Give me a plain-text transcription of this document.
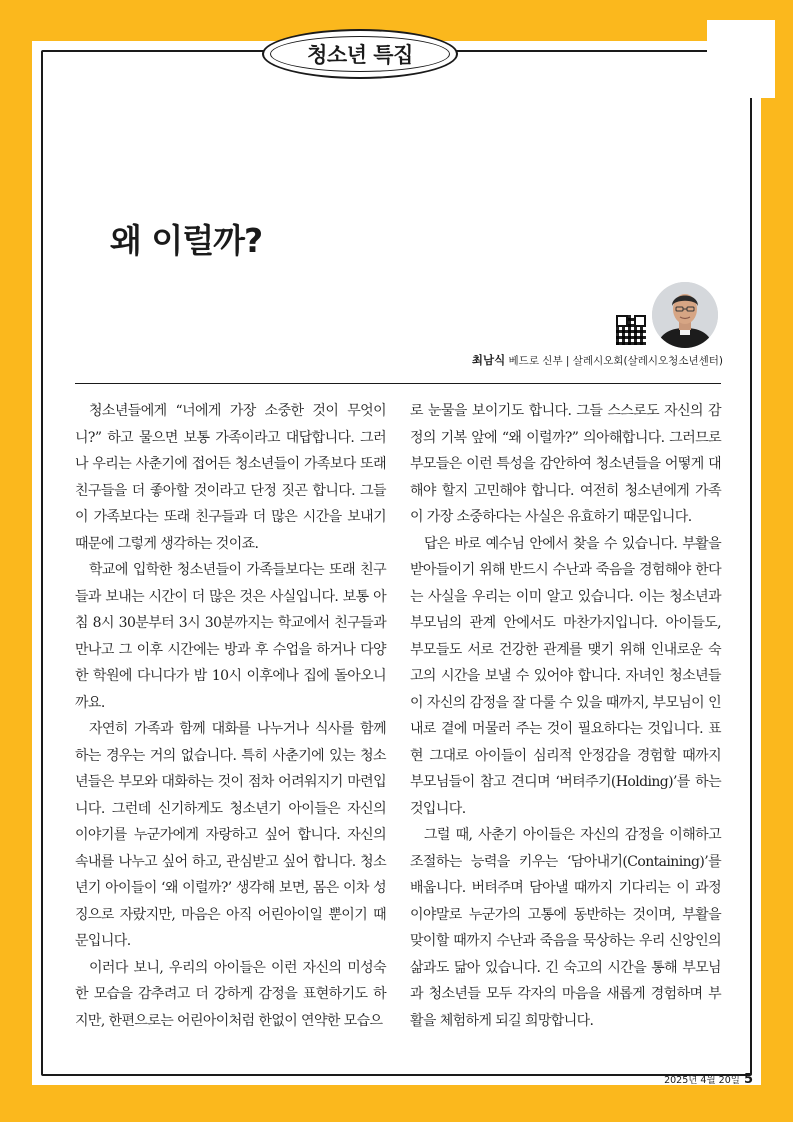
청소년 특집
왜 이럴까?
최남식 베드로 신부 | 살레시오회(살레시오청소년센터)

청소년들에게 “너에게 가장 소중한 것이 무엇이니?” 하고 물으면 보통 가족이라고 대답합니다. 그러나 우리는 사춘기에 접어든 청소년들이 가족보다 또래 친구들을 더 좋아할 것이라고 단정 짓곤 합니다. 그들이 가족보다는 또래 친구들과 더 많은 시간을 보내기 때문에 그렇게 생각하는 것이죠.

학교에 입학한 청소년들이 가족들보다는 또래 친구들과 보내는 시간이 더 많은 것은 사실입니다. 보통 아침 8시 30분부터 3시 30분까지는 학교에서 친구들과 만나고 그 이후 시간에는 방과 후 수업을 하거나 다양한 학원에 다니다가 밤 10시 이후에나 집에 돌아오니까요.

자연히 가족과 함께 대화를 나누거나 식사를 함께 하는 경우는 거의 없습니다. 특히 사춘기에 있는 청소년들은 부모와 대화하는 것이 점차 어려워지기 마련입니다. 그런데 신기하게도 청소년기 아이들은 자신의 이야기를 누군가에게 자랑하고 싶어 합니다. 자신의 속내를 나누고 싶어 하고, 관심받고 싶어 합니다. 청소년기 아이들이 ‘왜 이럴까?’ 생각해 보면, 몸은 이차 성징으로 자랐지만, 마음은 아직 어린아이일 뿐이기 때문입니다.

이러다 보니, 우리의 아이들은 이런 자신의 미성숙한 모습을 감추려고 더 강하게 감정을 표현하기도 하지만, 한편으로는 어린아이처럼 한없이 연약한 모습으

로 눈물을 보이기도 합니다. 그들 스스로도 자신의 감정의 기복 앞에 “왜 이럴까?” 의아해합니다. 그러므로 부모들은 이런 특성을 감안하여 청소년들을 어떻게 대해야 할지 고민해야 합니다. 여전히 청소년에게 가족이 가장 소중하다는 사실은 유효하기 때문입니다.

답은 바로 예수님 안에서 찾을 수 있습니다. 부활을 받아들이기 위해 반드시 수난과 죽음을 경험해야 한다는 사실을 우리는 이미 알고 있습니다. 이는 청소년과 부모님의 관계 안에서도 마찬가지입니다. 아이들도, 부모들도 서로 건강한 관계를 맺기 위해 인내로운 숙고의 시간을 보낼 수 있어야 합니다. 자녀인 청소년들이 자신의 감정을 잘 다룰 수 있을 때까지, 부모님이 인내로 곁에 머물러 주는 것이 필요하다는 것입니다. 표현 그대로 아이들이 심리적 안정감을 경험할 때까지 부모님들이 참고 견디며 ‘버텨주기(Holding)’를 하는 것입니다.

그럴 때, 사춘기 아이들은 자신의 감정을 이해하고 조절하는 능력을 키우는 ‘담아내기(Containing)’를 배웁니다. 버텨주며 담아낼 때까지 기다리는 이 과정이야말로 누군가의 고통에 동반하는 것이며, 부활을 맞이할 때까지 수난과 죽음을 묵상하는 우리 신앙인의 삶과도 닮아 있습니다. 긴 숙고의 시간을 통해 부모님과 청소년들 모두 각자의 마음을 새롭게 경험하며 부활을 체험하게 되길 희망합니다.

2025년 4월 20일 5
